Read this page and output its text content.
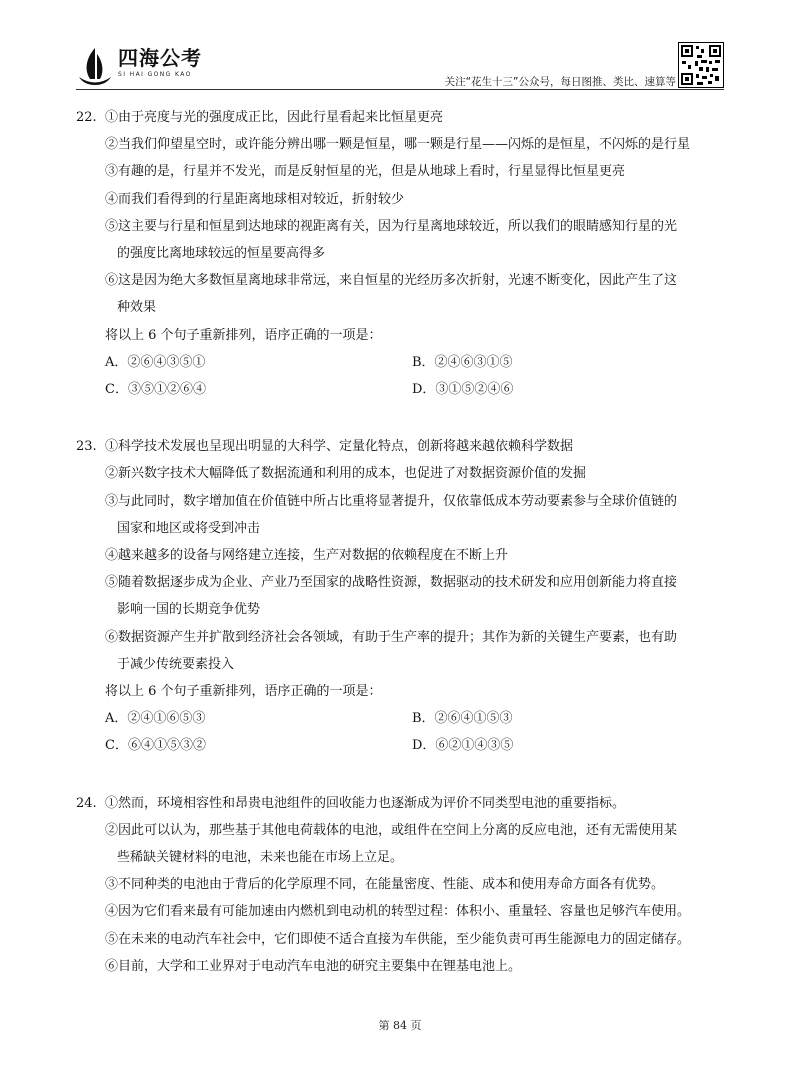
四海公考
SI HAI GONG KAO
关注“花生十三”公众号，每日图推、类比、速算等
22. ①由于亮度与光的强度成正比，因此行星看起来比恒星更亮
②当我们仰望星空时，或许能分辨出哪一颗是恒星，哪一颗是行星——闪烁的是恒星，不闪烁的是行星
③有趣的是，行星并不发光，而是反射恒星的光，但是从地球上看时，行星显得比恒星更亮
④而我们看得到的行星距离地球相对较近，折射较少
⑤这主要与行星和恒星到达地球的视距离有关，因为行星离地球较近，所以我们的眼睛感知行星的光
的强度比离地球较远的恒星要高得多
⑥这是因为绝大多数恒星离地球非常远，来自恒星的光经历多次折射，光速不断变化，因此产生了这
种效果
将以上 6 个句子重新排列，语序正确的一项是：
A．②⑥④③⑤①	B．②④⑥③①⑤
C．③⑤①②⑥④	D．③①⑤②④⑥
23. ①科学技术发展也呈现出明显的大科学、定量化特点，创新将越来越依赖科学数据
②新兴数字技术大幅降低了数据流通和利用的成本，也促进了对数据资源价值的发掘
③与此同时，数字增加值在价值链中所占比重将显著提升，仅依靠低成本劳动要素参与全球价值链的
国家和地区或将受到冲击
④越来越多的设备与网络建立连接，生产对数据的依赖程度在不断上升
⑤随着数据逐步成为企业、产业乃至国家的战略性资源，数据驱动的技术研发和应用创新能力将直接
影响一国的长期竞争优势
⑥数据资源产生并扩散到经济社会各领域，有助于生产率的提升；其作为新的关键生产要素，也有助
于减少传统要素投入
将以上 6 个句子重新排列，语序正确的一项是：
A．②④①⑥⑤③	B．②⑥④①⑤③
C．⑥④①⑤③②	D．⑥②①④③⑤
24. ①然而，环境相容性和昂贵电池组件的回收能力也逐渐成为评价不同类型电池的重要指标。
②因此可以认为，那些基于其他电荷载体的电池，或组件在空间上分离的反应电池，还有无需使用某
些稀缺关键材料的电池，未来也能在市场上立足。
③不同种类的电池由于背后的化学原理不同，在能量密度、性能、成本和使用寿命方面各有优势。
④因为它们看来最有可能加速由内燃机到电动机的转型过程：体积小、重量轻、容量也足够汽车使用。
⑤在未来的电动汽车社会中，它们即使不适合直接为车供能，至少能负责可再生能源电力的固定储存。
⑥目前，大学和工业界对于电动汽车电池的研究主要集中在锂基电池上。
第 84 页
